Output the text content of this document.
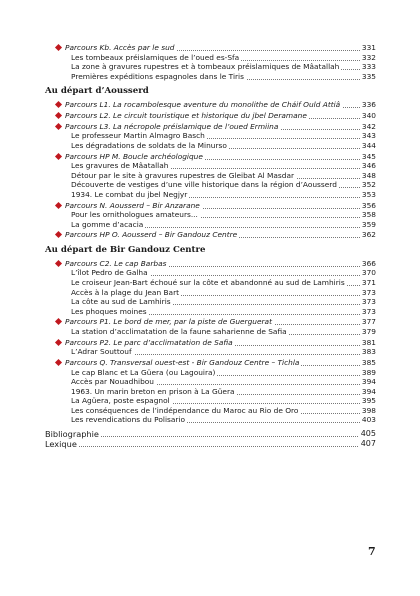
Parcours Kb. Accès par le sud	331
Les tombeaux préislamiques de l’oued es-Sfa	332
La zone à gravures rupestres et à tombeaux préislamiques de Mâatallah	333
Premières expéditions espagnoles dans le Tiris	335
Au départ d’Aousserd
Parcours L1. La rocambolesque aventure du monolithe de Cháif Ould Attiâ	336
Parcours L2. Le circuit touristique et historique du jbel Deramane	340
Parcours L3. La nécropole préislamique de l’oued Ermiina	342
Le professeur Martin Almagro Basch	343
Les dégradations de soldats de la Minurso	344
Parcours HP M. Boucle archéologique	345
Les gravures de Mâatallah	346
Détour par le site à gravures rupestres de Gleibat Al Masdar	348
Découverte de vestiges d’une ville historique dans la région d’Aousserd	352
1934. Le combat du jbel Negjyr	353
Parcours N. Aousserd – Bir Anzarane	356
Pour les ornithologues amateurs...	358
La gomme d’acacia	359
Parcours HP O. Aousserd – Bir Gandouz Centre	362
Au départ de Bir Gandouz Centre
Parcours C2. Le cap Barbas	366
L’îlot Pedro de Galha	370
Le croiseur Jean-Bart échoué sur la côte et abandonné au sud de Lamhiris 371
Accès à la plage du Jean Bart	373
La côte au sud de Lamhiris	373
Les phoques moines	373
Parcours P1. Le bord de mer, par la piste de Guerguerat	377
La station d’acclimatation de la faune saharienne de Safia	379
Parcours P2. Le parc d’acclimatation de Safia	381
L’Adrar Souttouf	383
Parcours Q. Transversal ouest-est - Bir Gandouz Centre – Tichla	385
Le cap Blanc et La Güera (ou Lagouira)	389
Accès par Nouadhibou	394
1963. Un marin breton en prison à La Güera	394
La Agüera, poste espagnol	395
Les conséquences de l’indépendance du Maroc au Rio de Oro	398
Les revendications du Polisario	403
Bibliographie	405
Lexique	407
7
